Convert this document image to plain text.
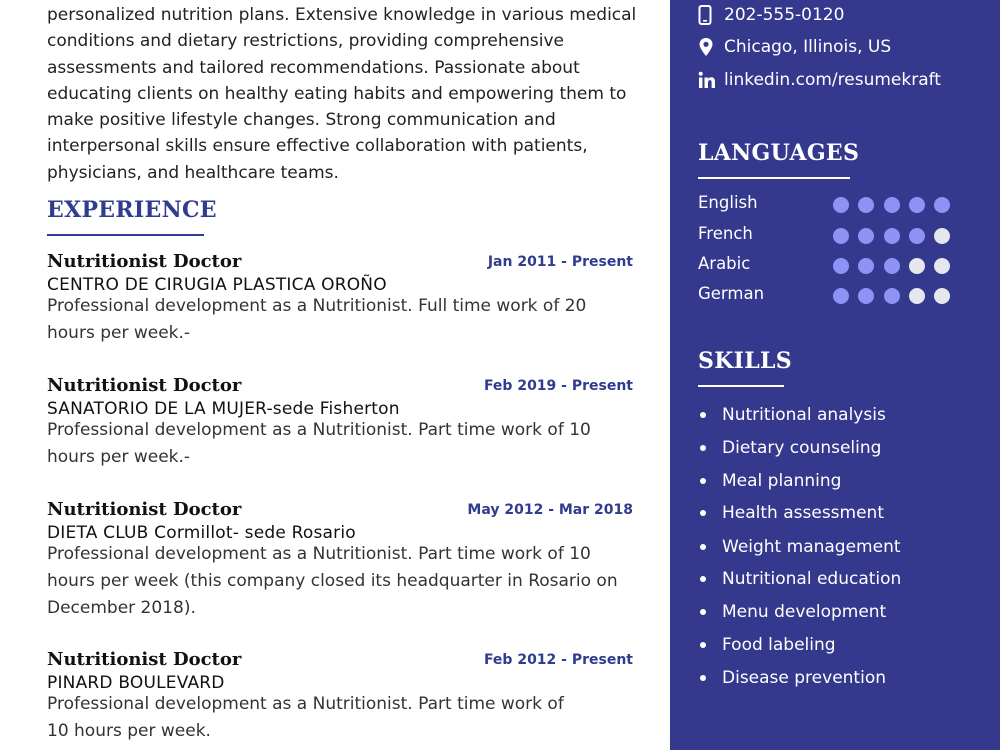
personalized nutrition plans. Extensive knowledge in various medical conditions and dietary restrictions, providing comprehensive assessments and tailored recommendations. Passionate about educating clients on healthy eating habits and empowering them to make positive lifestyle changes. Strong communication and interpersonal skills ensure effective collaboration with patients, physicians, and healthcare teams.

EXPERIENCE
Nutritionist Doctor	Jan 2011 - Present
CENTRO DE CIRUGIA PLASTICA OROÑO

Professional development as a Nutritionist. Full time work of 20 hours per week.-

Nutritionist Doctor	Feb 2019 - Present
SANATORIO DE LA MUJER-sede Fisherton

Professional development as a Nutritionist. Part time work of 10 hours per week.-

Nutritionist Doctor	May 2012 - Mar 2018
DIETA CLUB Cormillot- sede Rosario

Professional development as a Nutritionist. Part time work of 10 hours per week (this company closed its headquarter in Rosario on December 2018).

Nutritionist Doctor	Feb 2012 - Present
PINARD BOULEVARD

Professional development as a Nutritionist. Part time work of 10 hours per week.

202-555-0120
Chicago, Illinois, US
linkedin.com/resumekraft
LANGUAGES
English
French
Arabic
German
SKILLS
Nutritional analysis
Dietary counseling
Meal planning
Health assessment
Weight management
Nutritional education
Menu development
Food labeling
Disease prevention
